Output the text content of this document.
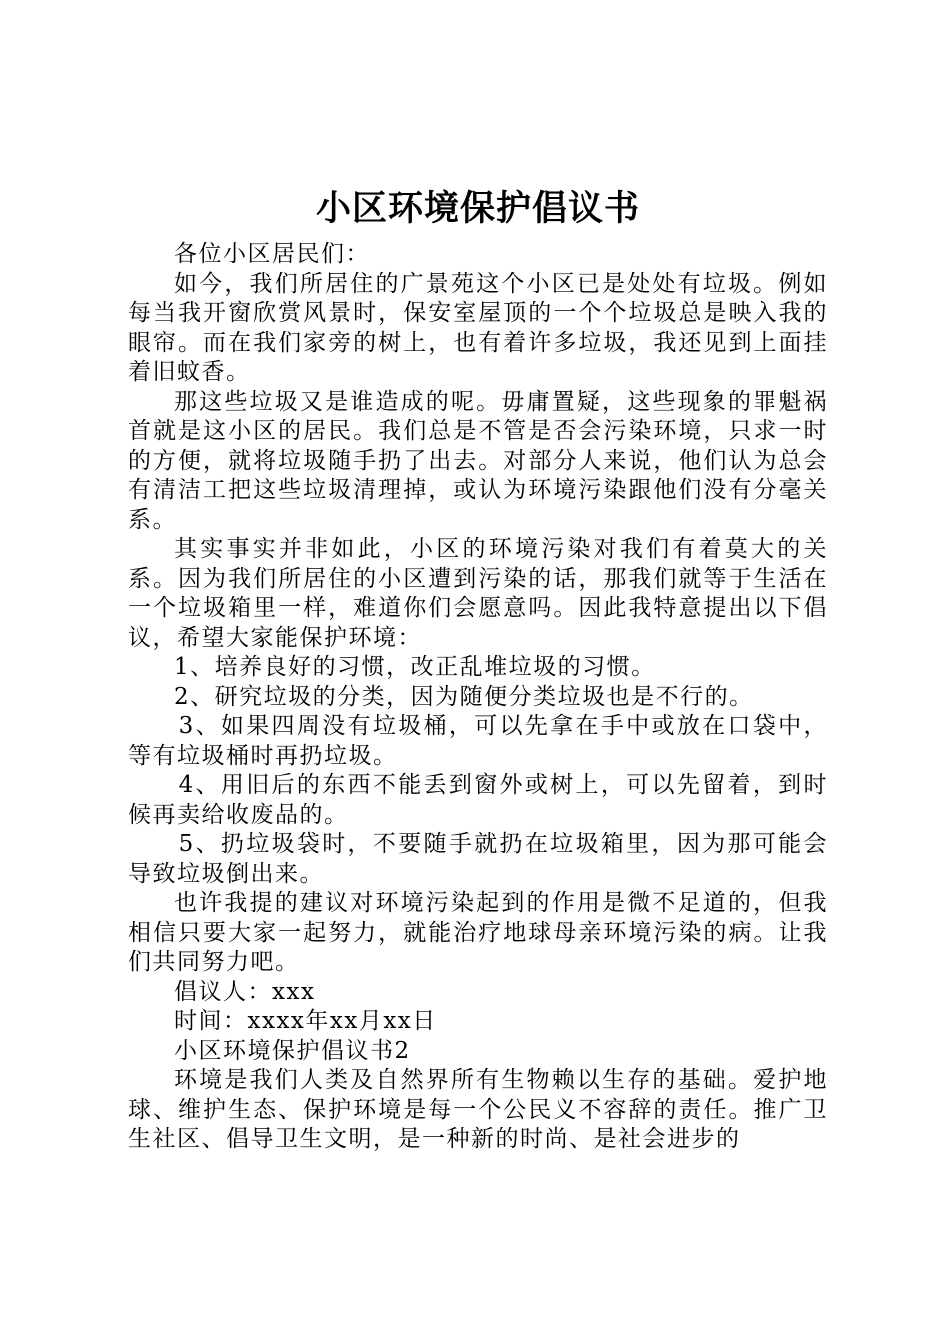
小区环境保护倡议书

各位小区居民们：

如今，我们所居住的广景苑这个小区已是处处有垃圾。例如每当我开窗欣赏风景时，保安室屋顶的一个个垃圾总是映入我的眼帘。而在我们家旁的树上，也有着许多垃圾，我还见到上面挂着旧蚊香。

那这些垃圾又是谁造成的呢。毋庸置疑，这些现象的罪魁祸首就是这小区的居民。我们总是不管是否会污染环境，只求一时的方便，就将垃圾随手扔了出去。对部分人来说，他们认为总会有清洁工把这些垃圾清理掉，或认为环境污染跟他们没有分毫关系。

其实事实并非如此，小区的环境污染对我们有着莫大的关系。因为我们所居住的小区遭到污染的话，那我们就等于生活在一个垃圾箱里一样，难道你们会愿意吗。因此我特意提出以下倡议，希望大家能保护环境：

1、培养良好的习惯，改正乱堆垃圾的习惯。

2、研究垃圾的分类，因为随便分类垃圾也是不行的。

3、如果四周没有垃圾桶，可以先拿在手中或放在口袋中，等有垃圾桶时再扔垃圾。

4、用旧后的东西不能丢到窗外或树上，可以先留着，到时候再卖给收废品的。

5、扔垃圾袋时，不要随手就扔在垃圾箱里，因为那可能会导致垃圾倒出来。

也许我提的建议对环境污染起到的作用是微不足道的，但我相信只要大家一起努力，就能治疗地球母亲环境污染的病。让我们共同努力吧。

倡议人：xxx

时间：xxxx年xx月xx日

小区环境保护倡议书2

环境是我们人类及自然界所有生物赖以生存的基础。爱护地球、维护生态、保护环境是每一个公民义不容辞的责任。推广卫生社区、倡导卫生文明，是一种新的时尚、是社会进步的
